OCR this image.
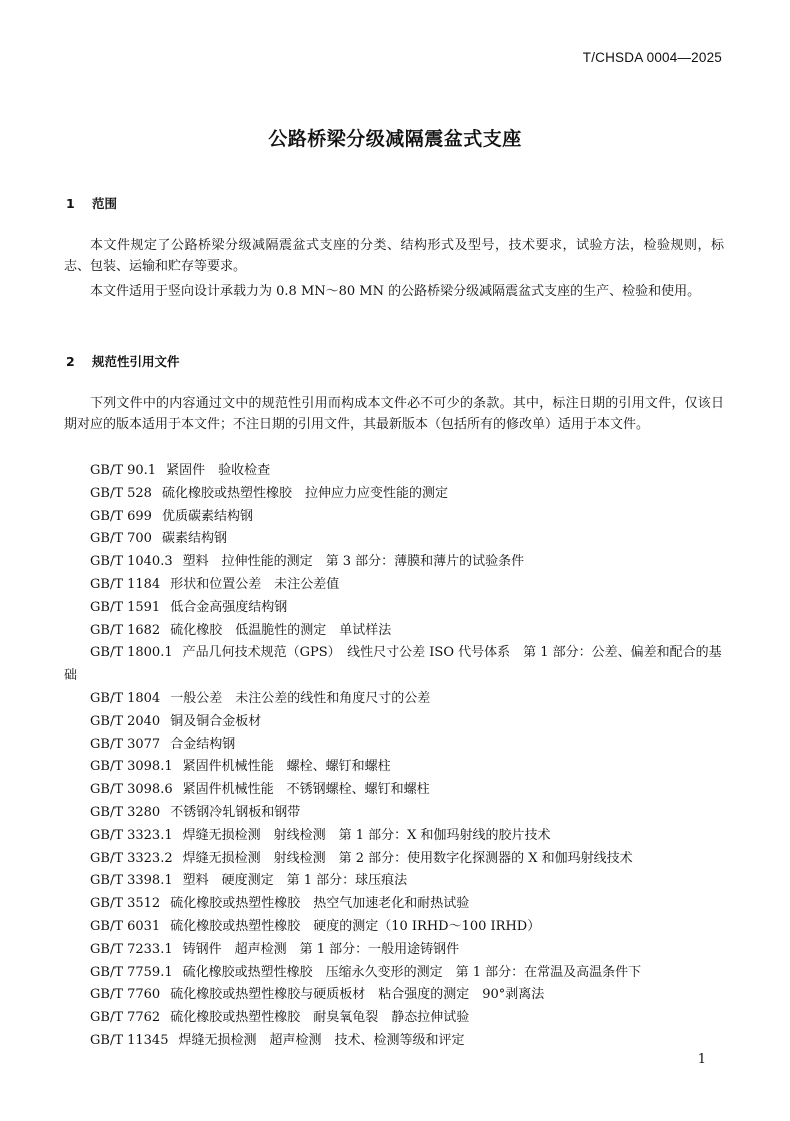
T/CHSDA 0004—2025
公路桥梁分级减隔震盆式支座
1 范围
本文件规定了公路桥梁分级减隔震盆式支座的分类、结构形式及型号，技术要求，试验方法，检验规则，标志、包装、运输和贮存等要求。
本文件适用于竖向设计承载力为 0.8 MN～80 MN 的公路桥梁分级减隔震盆式支座的生产、检验和使用。
2 规范性引用文件
下列文件中的内容通过文中的规范性引用而构成本文件必不可少的条款。其中，标注日期的引用文件，仅该日期对应的版本适用于本文件；不注日期的引用文件，其最新版本（包括所有的修改单）适用于本文件。
GB/T 90.1 紧固件　验收检查
GB/T 528 硫化橡胶或热塑性橡胶　拉伸应力应变性能的测定
GB/T 699 优质碳素结构钢
GB/T 700 碳素结构钢
GB/T 1040.3 塑料　拉伸性能的测定　第 3 部分：薄膜和薄片的试验条件
GB/T 1184 形状和位置公差　未注公差值
GB/T 1591 低合金高强度结构钢
GB/T 1682 硫化橡胶　低温脆性的测定　单试样法
GB/T 1800.1 产品几何技术规范（GPS）　线性尺寸公差 ISO 代号体系　第 1 部分：公差、偏差和配合的基础
GB/T 1804 一般公差　未注公差的线性和角度尺寸的公差
GB/T 2040 铜及铜合金板材
GB/T 3077 合金结构钢
GB/T 3098.1 紧固件机械性能　螺栓、螺钉和螺柱
GB/T 3098.6 紧固件机械性能　不锈钢螺栓、螺钉和螺柱
GB/T 3280 不锈钢冷轧钢板和钢带
GB/T 3323.1 焊缝无损检测　射线检测　第 1 部分：X 和伽玛射线的胶片技术
GB/T 3323.2 焊缝无损检测　射线检测　第 2 部分：使用数字化探测器的 X 和伽玛射线技术
GB/T 3398.1 塑料　硬度测定　第 1 部分：球压痕法
GB/T 3512 硫化橡胶或热塑性橡胶　热空气加速老化和耐热试验
GB/T 6031 硫化橡胶或热塑性橡胶　硬度的测定（10 IRHD～100 IRHD）
GB/T 7233.1 铸钢件　超声检测　第 1 部分：一般用途铸钢件
GB/T 7759.1 硫化橡胶或热塑性橡胶　压缩永久变形的测定　第 1 部分：在常温及高温条件下
GB/T 7760 硫化橡胶或热塑性橡胶与硬质板材　粘合强度的测定　90°剥离法
GB/T 7762 硫化橡胶或热塑性橡胶　耐臭氧龟裂　静态拉伸试验
GB/T 11345 焊缝无损检测　超声检测　技术、检测等级和评定
1
